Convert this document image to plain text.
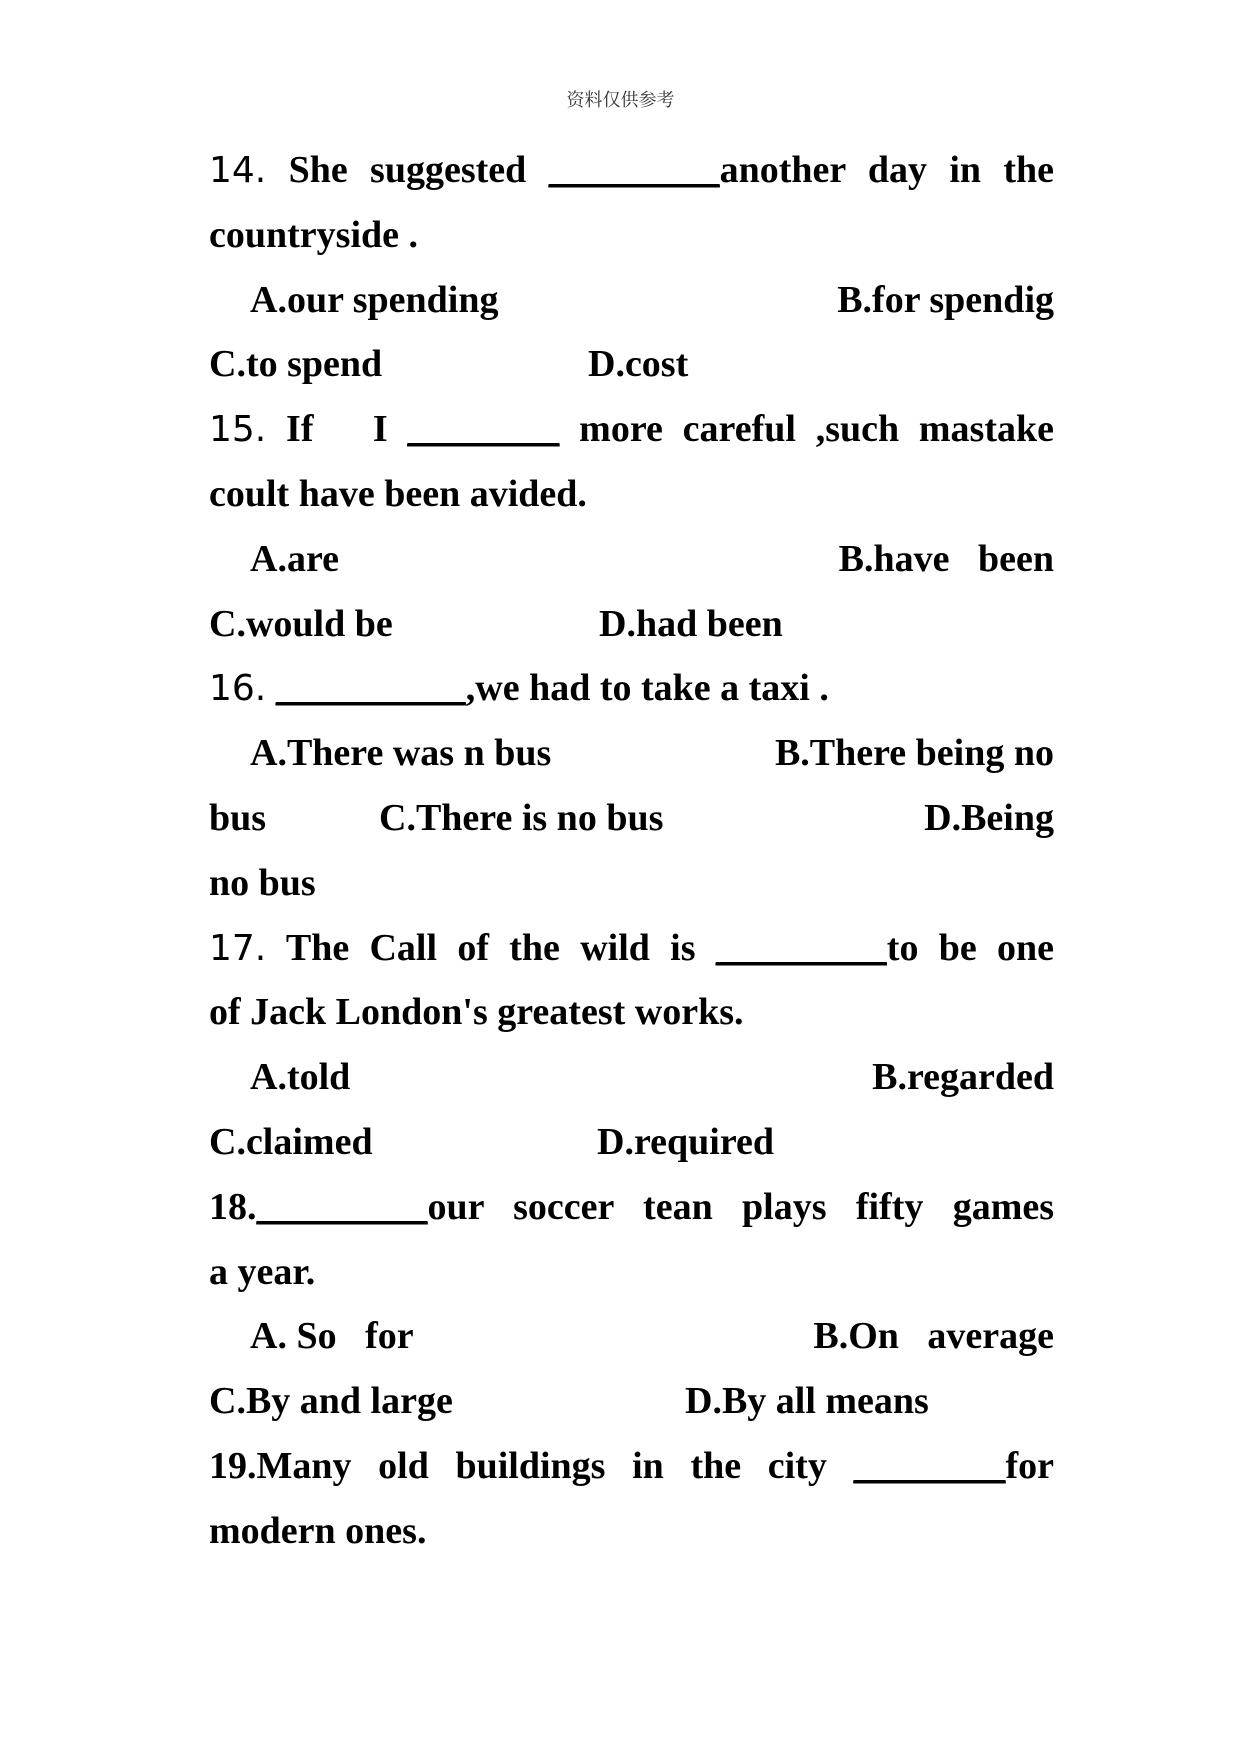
资料仅供参考
14. She suggested _________another day in the
countryside .
A.our spending	B.for spendig
C.to spend	D.cost
15. If   I ________ more careful ,such mastake
coult have been avided.
A.are	B.have   been
C.would be	D.had been
16. __________,we had to take a taxi .
A.There was n bus	B.There being no
bus	C.There is no bus	D.Being
no bus
17. The Call of the wild is _________to be one
of Jack London's greatest works.
A.told	B.regarded
C.claimed	D.required
18._________our soccer tean plays fifty games
a year.
A. So   for	B.On   average
C.By and large	D.By all means
19.Many old buildings in the city ________for
modern ones.
